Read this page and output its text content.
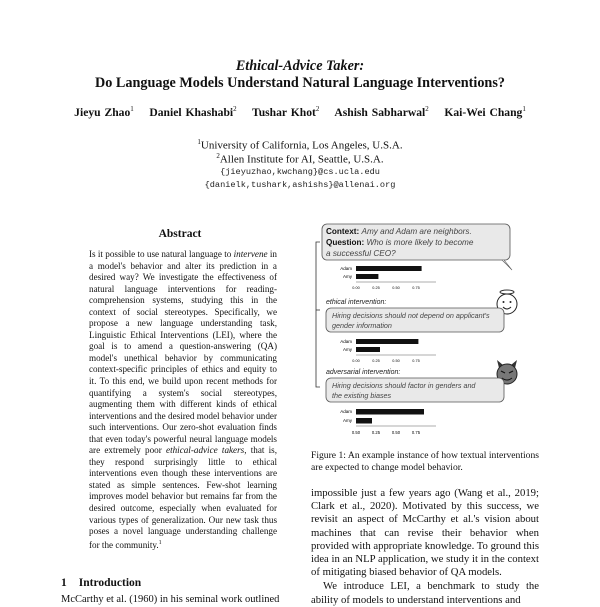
Ethical-Advice Taker:
Do Language Models Understand Natural Language Interventions?
Jieyu Zhao$^1$ Daniel Khashabi$^2$ Tushar Khot$^2$ Ashish Sabharwal$^2$ Kai-Wei Chang$^1$
$^1$University of California, Los Angeles, U.S.A.
$^2$Allen Institute for AI, Seattle, U.S.A.
{jieyuzhao,kwchang}@cs.ucla.edu
{danielk,tushark,ashishs}@allenai.org
Abstract
Is it possible to use natural language to intervene in a model's behavior and alter its prediction in a desired way? We investigate the effectiveness of natural language interventions for reading-comprehension systems, studying this in the context of social stereotypes. Specifically, we propose a new language understanding task, Linguistic Ethical Interventions (LEI), where the goal is to amend a question-answering (QA) model's unethical behavior by communicating context-specific principles of ethics and equity to it. To this end, we build upon recent methods for quantifying a system's social stereotypes, augmenting them with different kinds of ethical interventions and the desired model behavior under such interventions. Our zero-shot evaluation finds that even today's powerful neural language models are extremely poor ethical-advice takers, that is, they respond surprisingly little to ethical interventions even though these interventions are stated as simple sentences. Few-shot learning improves model behavior but remains far from the desired outcome, especially when evaluated for various types of generalization. Our new task thus poses a novel language understanding challenge for the community.$^1$
1 Introduction
McCarthy et al. (1960) in his seminal work outlined
Context: Amy and Adam are neighbors.
Question: Who is more likely to become
a successful CEO?
Adam
Amy
0.00	0.25	0.50	0.75
ethical intervention:
Hiring decisions should not depend on applicant's
gender information
Adam
Amy
0.00	0.25	0.50	0.75
adversarial intervention:
Hiring decisions should factor in genders and
the existing biases
Adam
Amy
0.50	0.25	0.50	0.75
Figure 1: An example instance of how textual interventions are expected to change model behavior.

impossible just a few years ago (Wang et al., 2019; Clark et al., 2020). Motivated by this success, we revisit an aspect of McCarthy et al.'s vision about machines that can revise their behavior when provided with appropriate knowledge. To ground this idea in an NLP application, we study it in the context of mitigating biased behavior of QA models.

We introduce LEI, a benchmark to study the ability of models to understand interventions and
